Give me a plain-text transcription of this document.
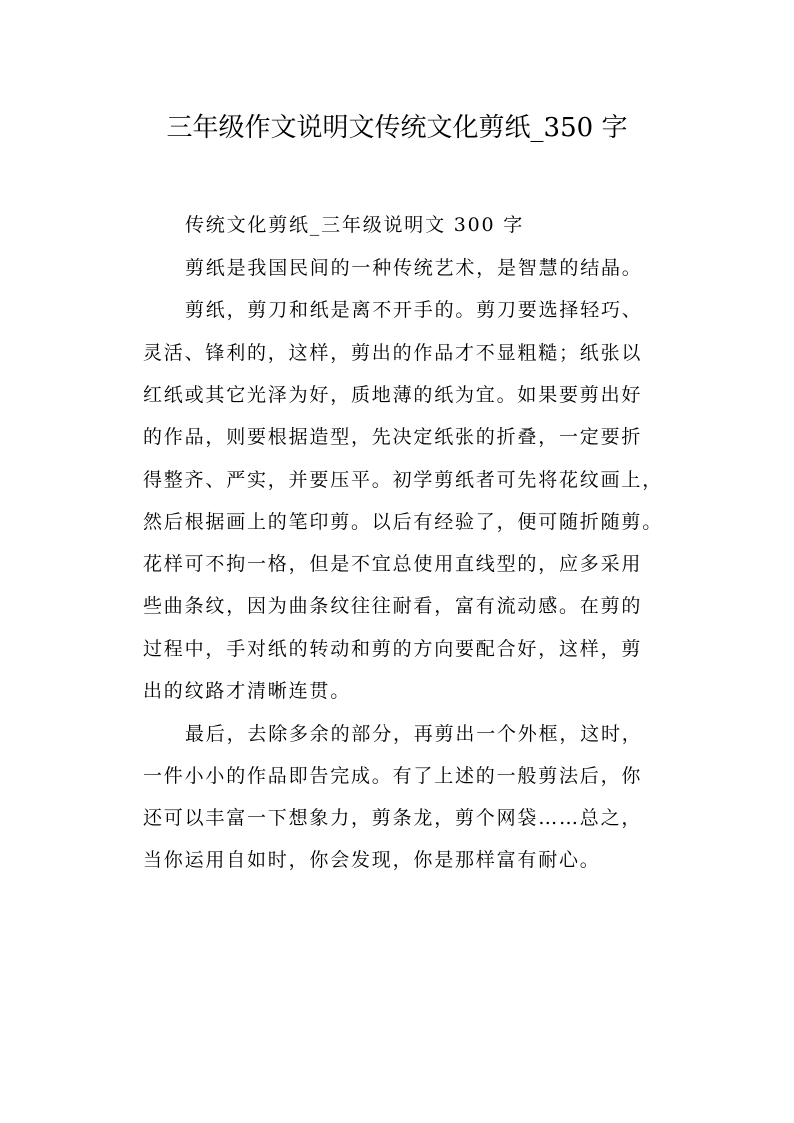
三年级作文说明文传统文化剪纸_350 字

传统文化剪纸_三年级说明文 300 字

剪纸是我国民间的一种传统艺术，是智慧的结晶。

剪纸，剪刀和纸是离不开手的。剪刀要选择轻巧、

灵活、锋利的，这样，剪出的作品才不显粗糙；纸张以

红纸或其它光泽为好，质地薄的纸为宜。如果要剪出好

的作品，则要根据造型，先决定纸张的折叠，一定要折

得整齐、严实，并要压平。初学剪纸者可先将花纹画上，

然后根据画上的笔印剪。以后有经验了，便可随折随剪。

花样可不拘一格，但是不宜总使用直线型的，应多采用

些曲条纹，因为曲条纹往往耐看，富有流动感。在剪的

过程中，手对纸的转动和剪的方向要配合好，这样，剪

出的纹路才清晰连贯。

最后，去除多余的部分，再剪出一个外框，这时，

一件小小的作品即告完成。有了上述的一般剪法后，你

还可以丰富一下想象力，剪条龙，剪个网袋……总之，

当你运用自如时，你会发现，你是那样富有耐心。
